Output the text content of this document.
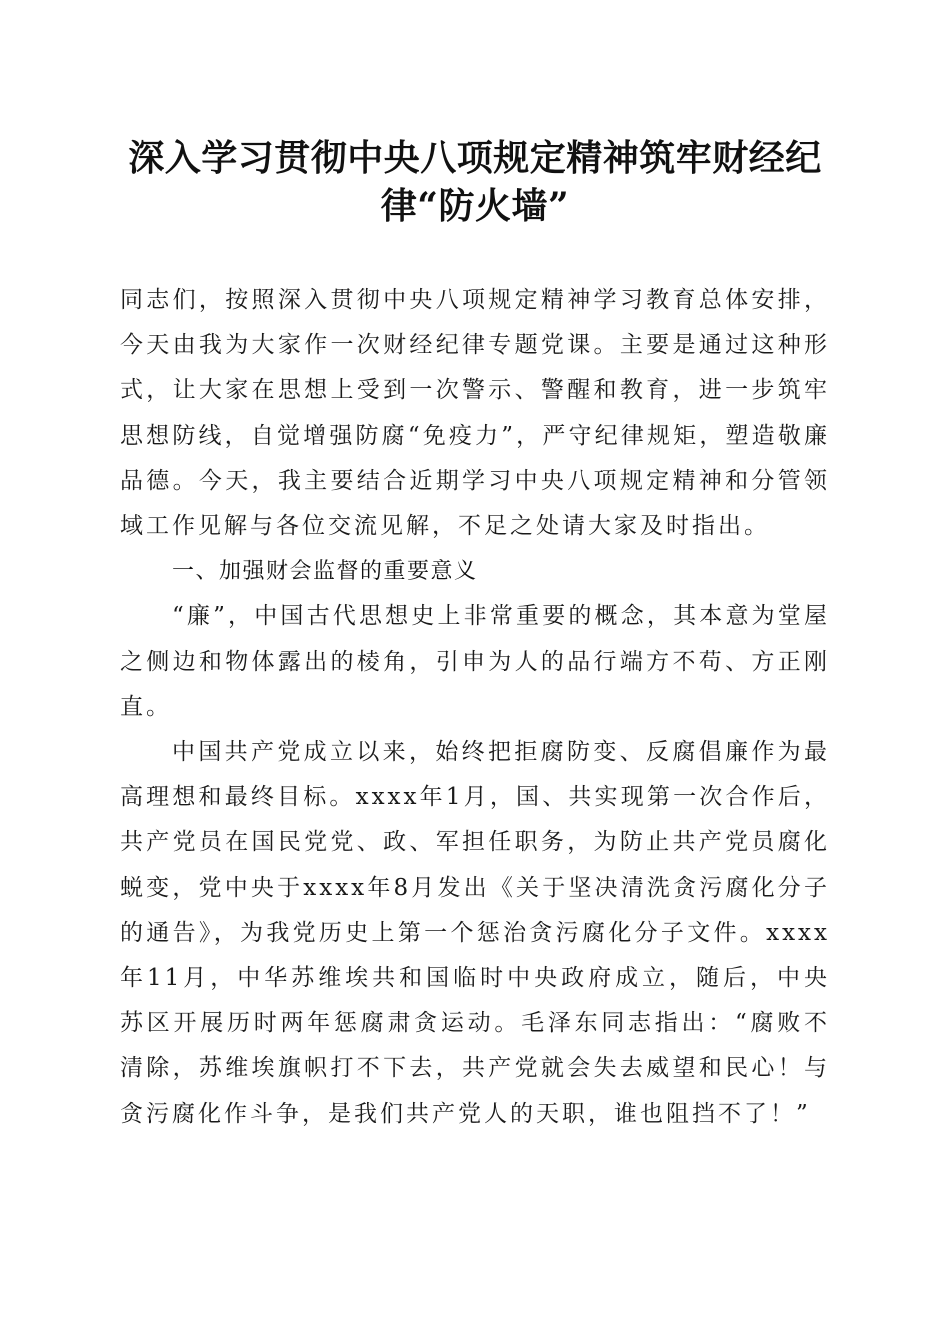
深入学习贯彻中央八项规定精神筑牢财经纪律“防火墙”

同志们，按照深入贯彻中央八项规定精神学习教育总体安排，今天由我为大家作一次财经纪律专题党课。主要是通过这种形式，让大家在思想上受到一次警示、警醒和教育，进一步筑牢思想防线，自觉增强防腐“免疫力”，严守纪律规矩，塑造敬廉品德。今天，我主要结合近期学习中央八项规定精神和分管领域工作见解与各位交流见解，不足之处请大家及时指出。

一、加强财会监督的重要意义

“廉”，中国古代思想史上非常重要的概念，其本意为堂屋之侧边和物体露出的棱角，引申为人的品行端方不苟、方正刚直。

中国共产党成立以来，始终把拒腐防变、反腐倡廉作为最高理想和最终目标。xxxx年1月，国、共实现第一次合作后，共产党员在国民党党、政、军担任职务，为防止共产党员腐化蜕变，党中央于xxxx年8月发出《关于坚决清洗贪污腐化分子的通告》，为我党历史上第一个惩治贪污腐化分子文件。xxxx年11月，中华苏维埃共和国临时中央政府成立，随后，中央苏区开展历时两年惩腐肃贪运动。毛泽东同志指出：“腐败不清除，苏维埃旗帜打不下去，共产党就会失去威望和民心！与贪污腐化作斗争，是我们共产党人的天职，谁也阻挡不了！”
